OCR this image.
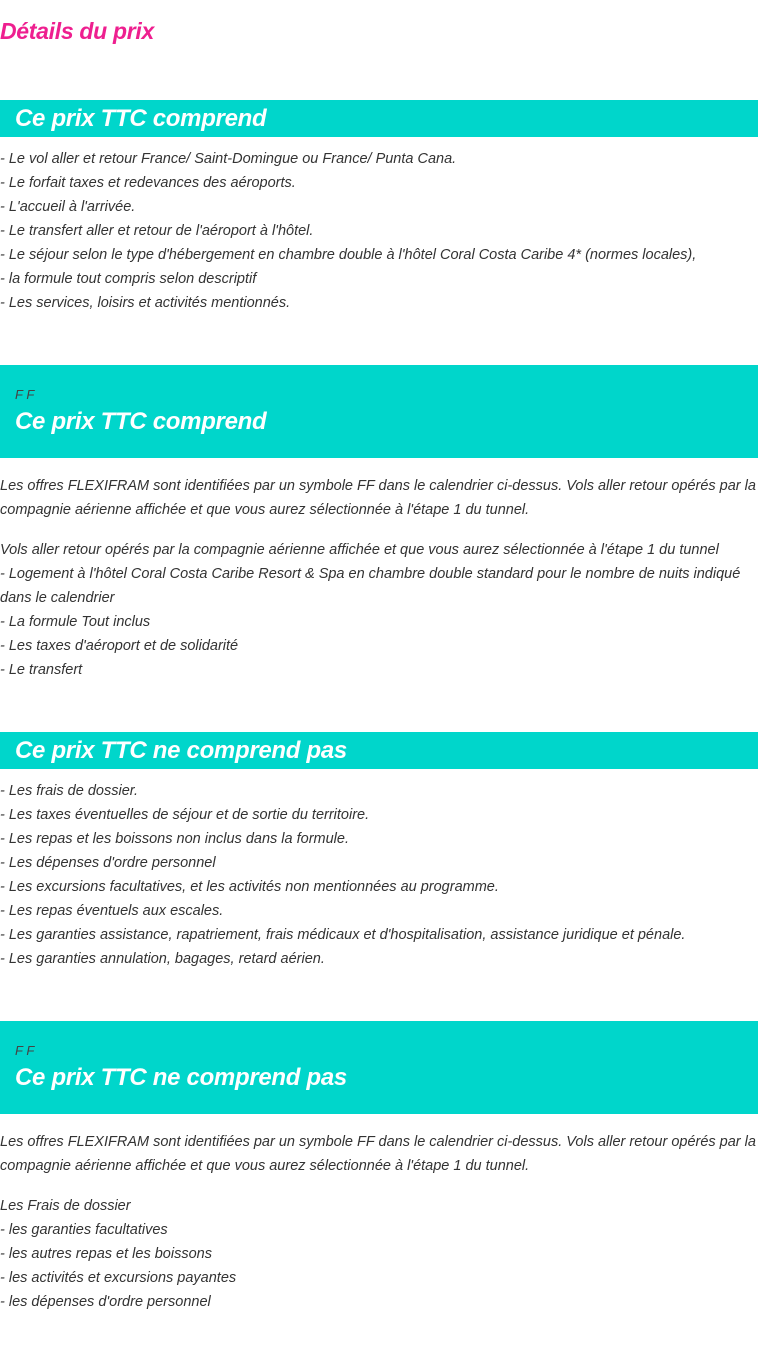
Détails du prix
Ce prix TTC comprend
- Le vol aller et retour France/ Saint-Domingue ou France/ Punta Cana.
- Le forfait taxes et redevances des aéroports.
- L'accueil à l'arrivée.
- Le transfert aller et retour de l'aéroport à l'hôtel.
- Le séjour selon le type d'hébergement en chambre double à l'hôtel Coral Costa Caribe 4* (normes locales),
- la formule tout compris selon descriptif
- Les services, loisirs et activités mentionnés.
F F
Ce prix TTC comprend
Les offres FLEXIFRAM sont identifiées par un symbole FF dans le calendrier ci-dessus. Vols aller retour opérés par la compagnie aérienne affichée et que vous aurez sélectionnée à l'étape 1 du tunnel.
Vols aller retour opérés par la compagnie aérienne affichée et que vous aurez sélectionnée à l'étape 1 du tunnel
- Logement à l'hôtel Coral Costa Caribe Resort & Spa en chambre double standard pour le nombre de nuits indiqué dans le calendrier
- La formule Tout inclus
- Les taxes d'aéroport et de solidarité
- Le transfert
Ce prix TTC ne comprend pas
- Les frais de dossier.
- Les taxes éventuelles de séjour et de sortie du territoire.
- Les repas et les boissons non inclus dans la formule.
- Les dépenses d'ordre personnel
- Les excursions facultatives, et les activités non mentionnées au programme.
- Les repas éventuels aux escales.
- Les garanties assistance, rapatriement, frais médicaux et d'hospitalisation, assistance juridique et pénale.
- Les garanties annulation, bagages, retard aérien.
F F
Ce prix TTC ne comprend pas
Les offres FLEXIFRAM sont identifiées par un symbole FF dans le calendrier ci-dessus. Vols aller retour opérés par la compagnie aérienne affichée et que vous aurez sélectionnée à l'étape 1 du tunnel.
Les Frais de dossier
- les garanties facultatives
- les autres repas et les boissons
- les activités et excursions payantes
- les dépenses d'ordre personnel
